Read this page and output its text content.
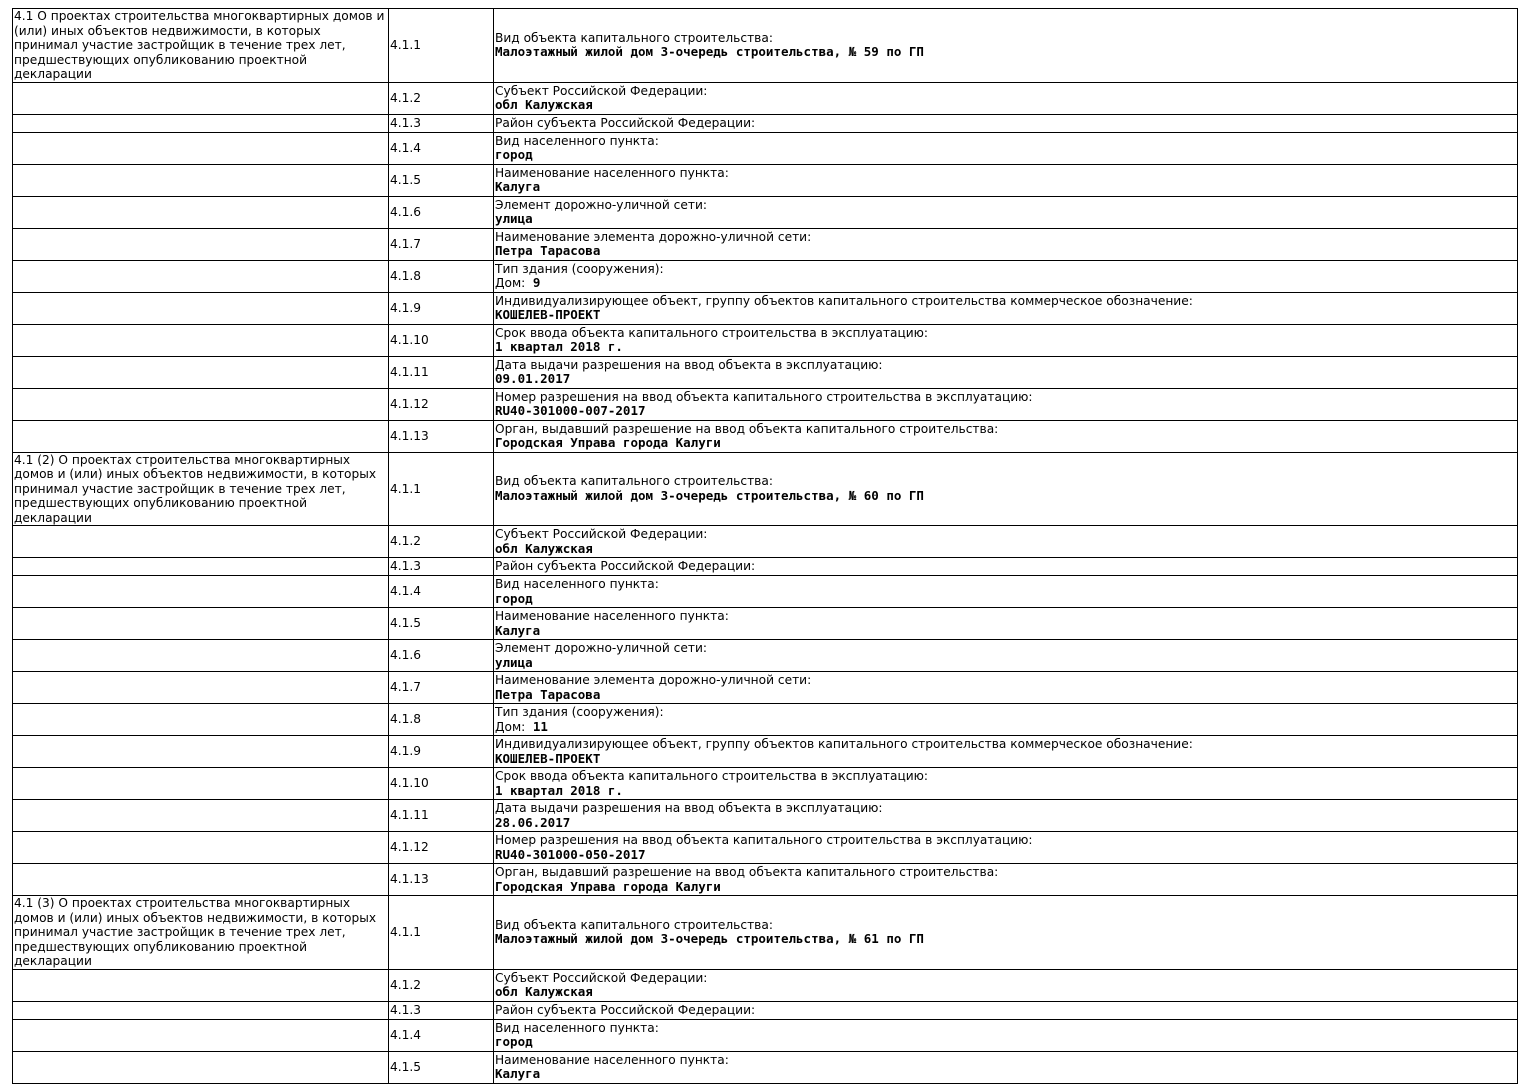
4.1 О проектах строительства многоквартирных домов и (или) иных объектов недвижимости, в которых принимал участие застройщик в течение трех лет, предшествующих опубликованию проектной декларации	4.1.1	Вид объекта капитального строительства:
Малоэтажный жилой дом 3-очередь строительства, № 59 по ГП

	4.1.2	Субъект Российской Федерации:
обл Калужская

	4.1.3	Район субъекта Российской Федерации:

	4.1.4	Вид населенного пункта:
город

	4.1.5	Наименование населенного пункта:
Калуга

	4.1.6	Элемент дорожно-уличной сети:
улица

	4.1.7	Наименование элемента дорожно-уличной сети:
Петра Тарасова

	4.1.8	Тип здания (сооружения):
Дом: 9

	4.1.9	Индивидуализирующее объект, группу объектов капитального строительства коммерческое обозначение:
КОШЕЛЕВ-ПРОЕКТ

	4.1.10	Срок ввода объекта капитального строительства в эксплуатацию:
1 квартал 2018 г.

	4.1.11	Дата выдачи разрешения на ввод объекта в эксплуатацию:
09.01.2017

	4.1.12	Номер разрешения на ввод объекта капитального строительства в эксплуатацию:
RU40-301000-007-2017

	4.1.13	Орган, выдавший разрешение на ввод объекта капитального строительства:
Городская Управа города Калуги

4.1 (2) О проектах строительства многоквартирных домов и (или) иных объектов недвижимости, в которых принимал участие застройщик в течение трех лет, предшествующих опубликованию проектной декларации	4.1.1	Вид объекта капитального строительства:
Малоэтажный жилой дом 3-очередь строительства, № 60 по ГП

	4.1.2	Субъект Российской Федерации:
обл Калужская

	4.1.3	Район субъекта Российской Федерации:

	4.1.4	Вид населенного пункта:
город

	4.1.5	Наименование населенного пункта:
Калуга

	4.1.6	Элемент дорожно-уличной сети:
улица

	4.1.7	Наименование элемента дорожно-уличной сети:
Петра Тарасова

	4.1.8	Тип здания (сооружения):
Дом: 11

	4.1.9	Индивидуализирующее объект, группу объектов капитального строительства коммерческое обозначение:
КОШЕЛЕВ-ПРОЕКТ

	4.1.10	Срок ввода объекта капитального строительства в эксплуатацию:
1 квартал 2018 г.

	4.1.11	Дата выдачи разрешения на ввод объекта в эксплуатацию:
28.06.2017

	4.1.12	Номер разрешения на ввод объекта капитального строительства в эксплуатацию:
RU40-301000-050-2017

	4.1.13	Орган, выдавший разрешение на ввод объекта капитального строительства:
Городская Управа города Калуги

4.1 (3) О проектах строительства многоквартирных домов и (или) иных объектов недвижимости, в которых принимал участие застройщик в течение трех лет, предшествующих опубликованию проектной декларации	4.1.1	Вид объекта капитального строительства:
Малоэтажный жилой дом 3-очередь строительства, № 61 по ГП

	4.1.2	Субъект Российской Федерации:
обл Калужская

	4.1.3	Район субъекта Российской Федерации:

	4.1.4	Вид населенного пункта:
город

	4.1.5	Наименование населенного пункта:
Калуга
